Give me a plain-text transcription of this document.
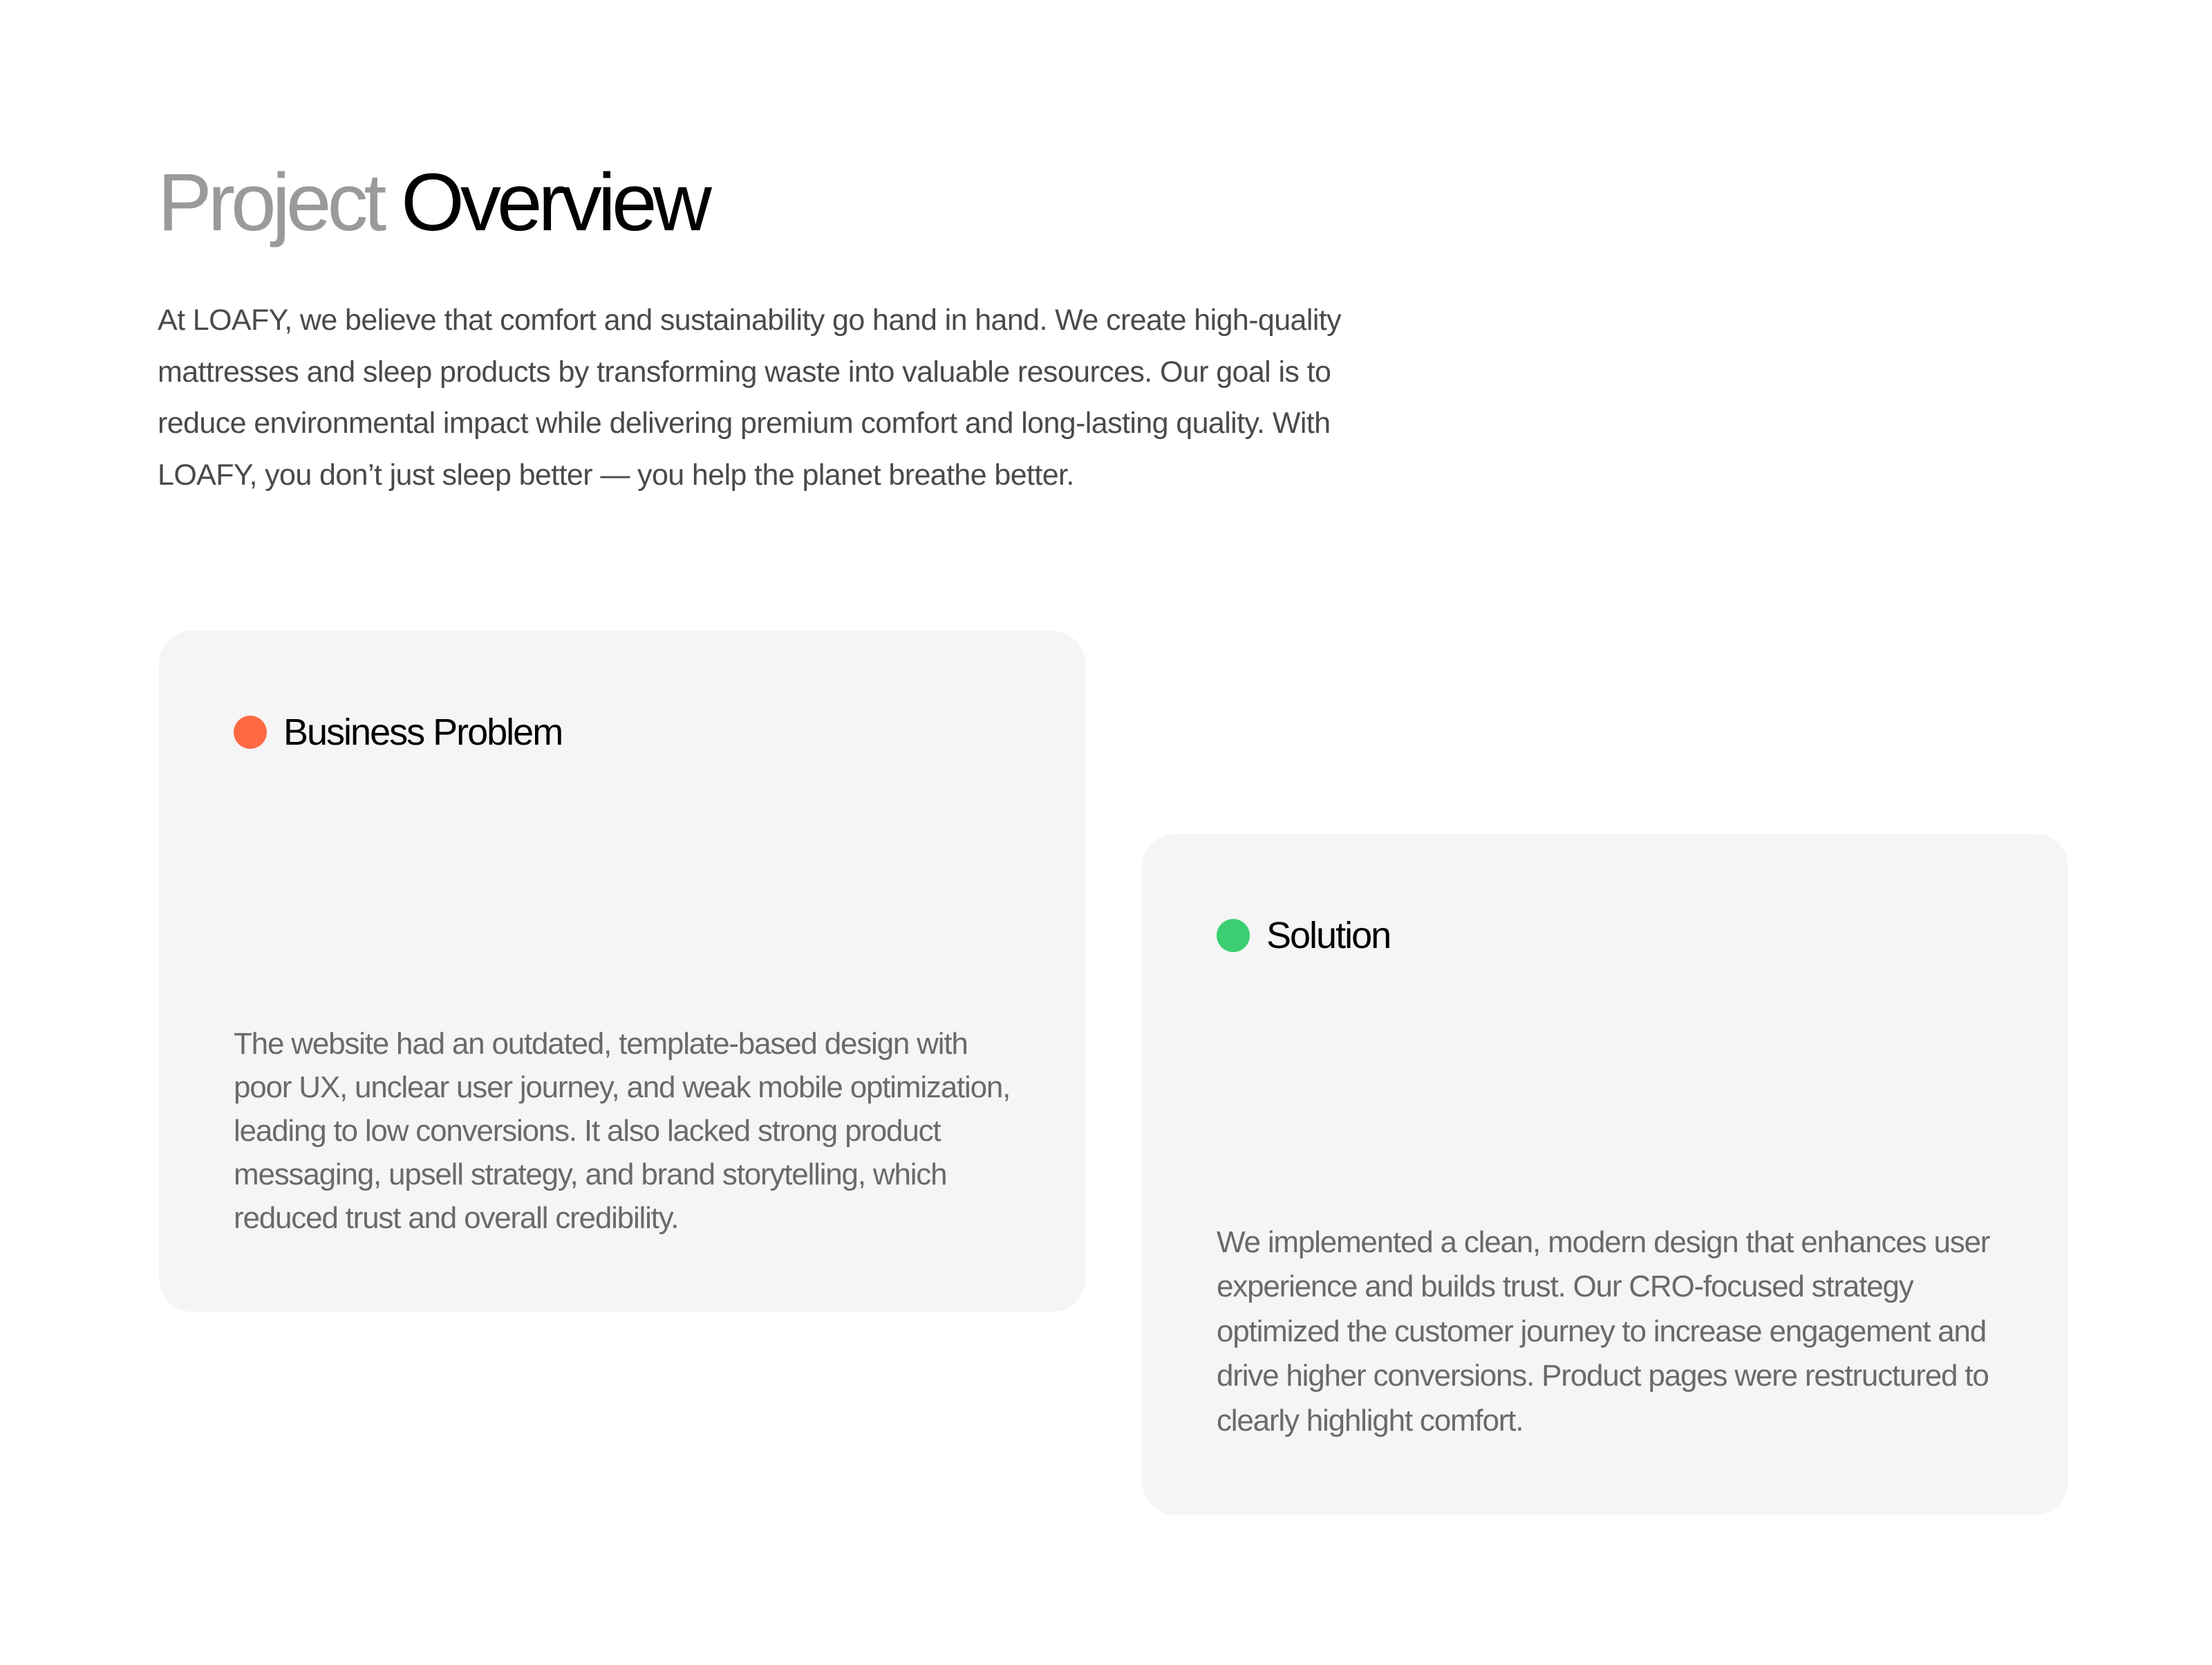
Project Overview

At LOAFY, we believe that comfort and sustainability go hand in hand. We create high-quality mattresses and sleep products by transforming waste into valuable resources. Our goal is to reduce environmental impact while delivering premium comfort and long-lasting quality. With LOAFY, you don’t just sleep better — you help the planet breathe better.

Business Problem

The website had an outdated, template-based design with poor UX, unclear user journey, and weak mobile optimization, leading to low conversions. It also lacked strong product messaging, upsell strategy, and brand storytelling, which reduced trust and overall credibility.

Solution

We implemented a clean, modern design that enhances user experience and builds trust. Our CRO-focused strategy optimized the customer journey to increase engagement and drive higher conversions. Product pages were restructured to clearly highlight comfort.
